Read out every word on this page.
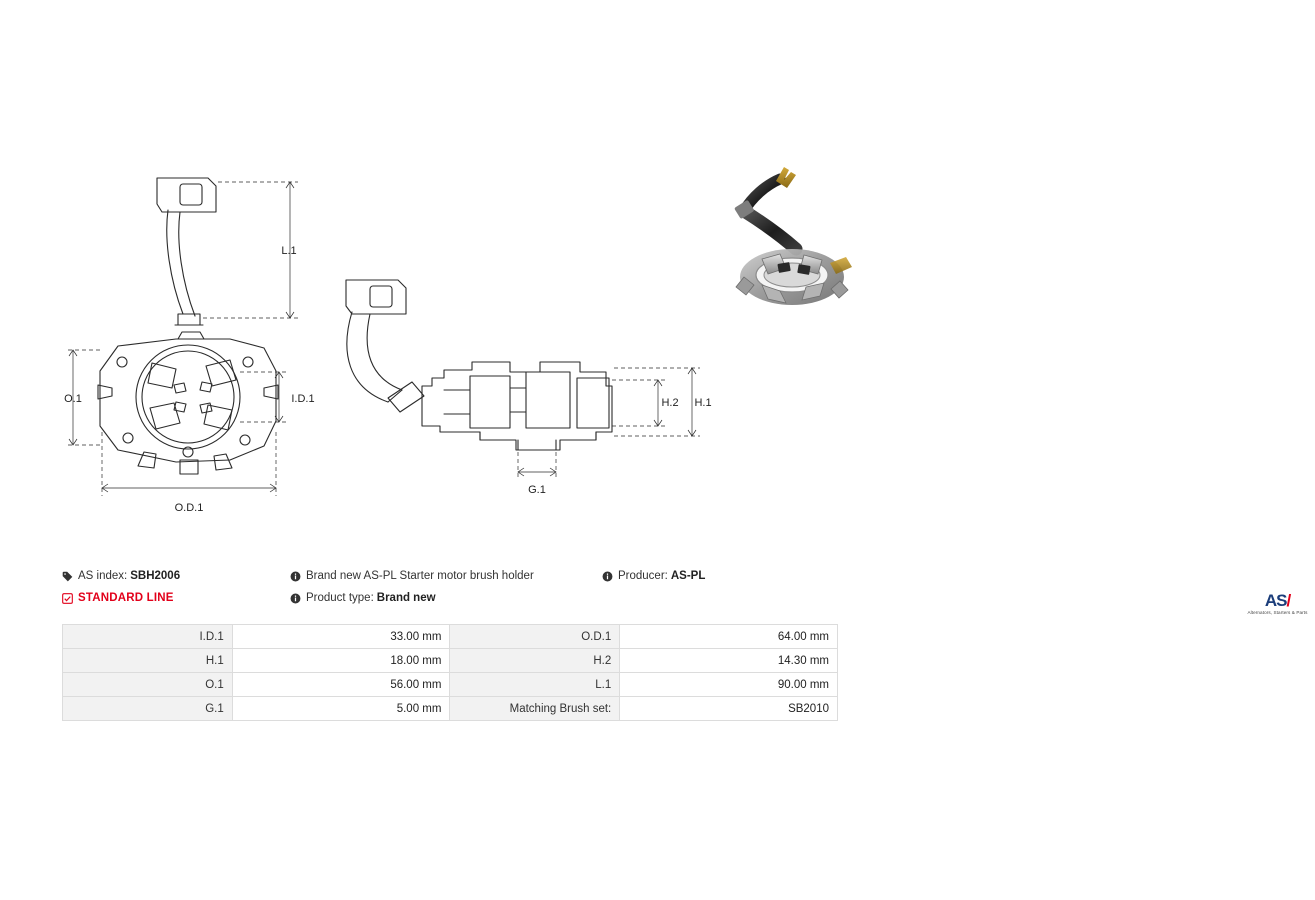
L.1
O.1	I.D.1
O.D.1
H.1
H.2
G.1
AS index: SBH2006
STANDARD LINE
Brand new AS-PL Starter motor brush holder
Product type: Brand new
Producer: AS-PL
AS/
Alternators, Starters & Parts
I.D.1	33.00 mm	O.D.1	64.00 mm
H.1	18.00 mm	H.2	14.30 mm
O.1	56.00 mm	L.1	90.00 mm
G.1	5.00 mm	Matching Brush set:	SB2010
